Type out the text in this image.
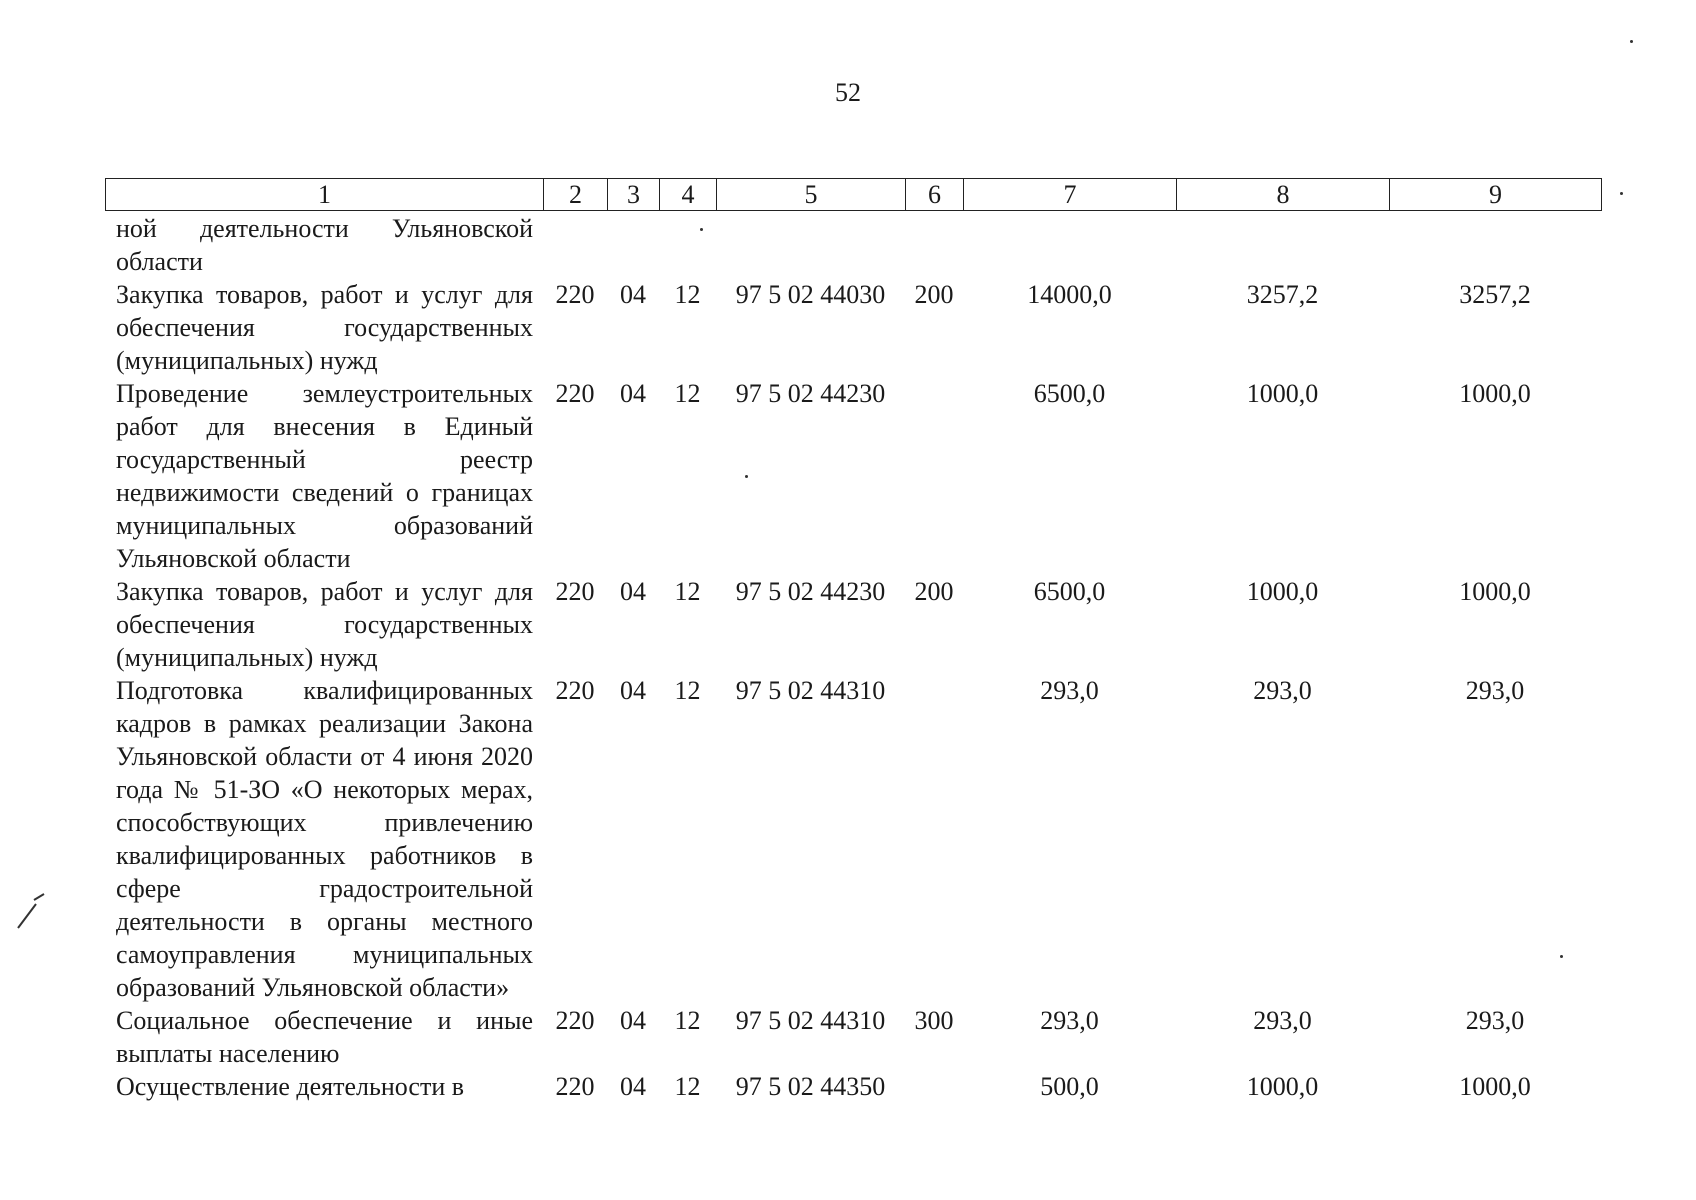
52
1	2	3	4	5	6	7	8	9
ной деятельности Ульяновской области								
Закупка товаров, работ и услуг для обеспечения государственных (муниципальных) нужд	220	04	12	97 5 02 44030	200	14000,0	3257,2	3257,2
Проведение землеустроительных работ для внесения в Единый государственный реестр недвижимости сведений о границах муниципальных образований Ульяновской области	220	04	12	97 5 02 44230		6500,0	1000,0	1000,0
Закупка товаров, работ и услуг для обеспечения государственных (муниципальных) нужд	220	04	12	97 5 02 44230	200	6500,0	1000,0	1000,0
Подготовка квалифицированных кадров в рамках реализации Закона Ульяновской области от 4 июня 2020 года № 51-ЗО «О некоторых мерах, способствующих привлечению квалифицированных работников в сфере градостроительной деятельности в органы местного самоуправления муниципальных образований Ульяновской области»	220	04	12	97 5 02 44310		293,0	293,0	293,0
Социальное обеспечение и иные выплаты населению	220	04	12	97 5 02 44310	300	293,0	293,0	293,0
Осуществление деятельности в	220	04	12	97 5 02 44350		500,0	1000,0	1000,0
